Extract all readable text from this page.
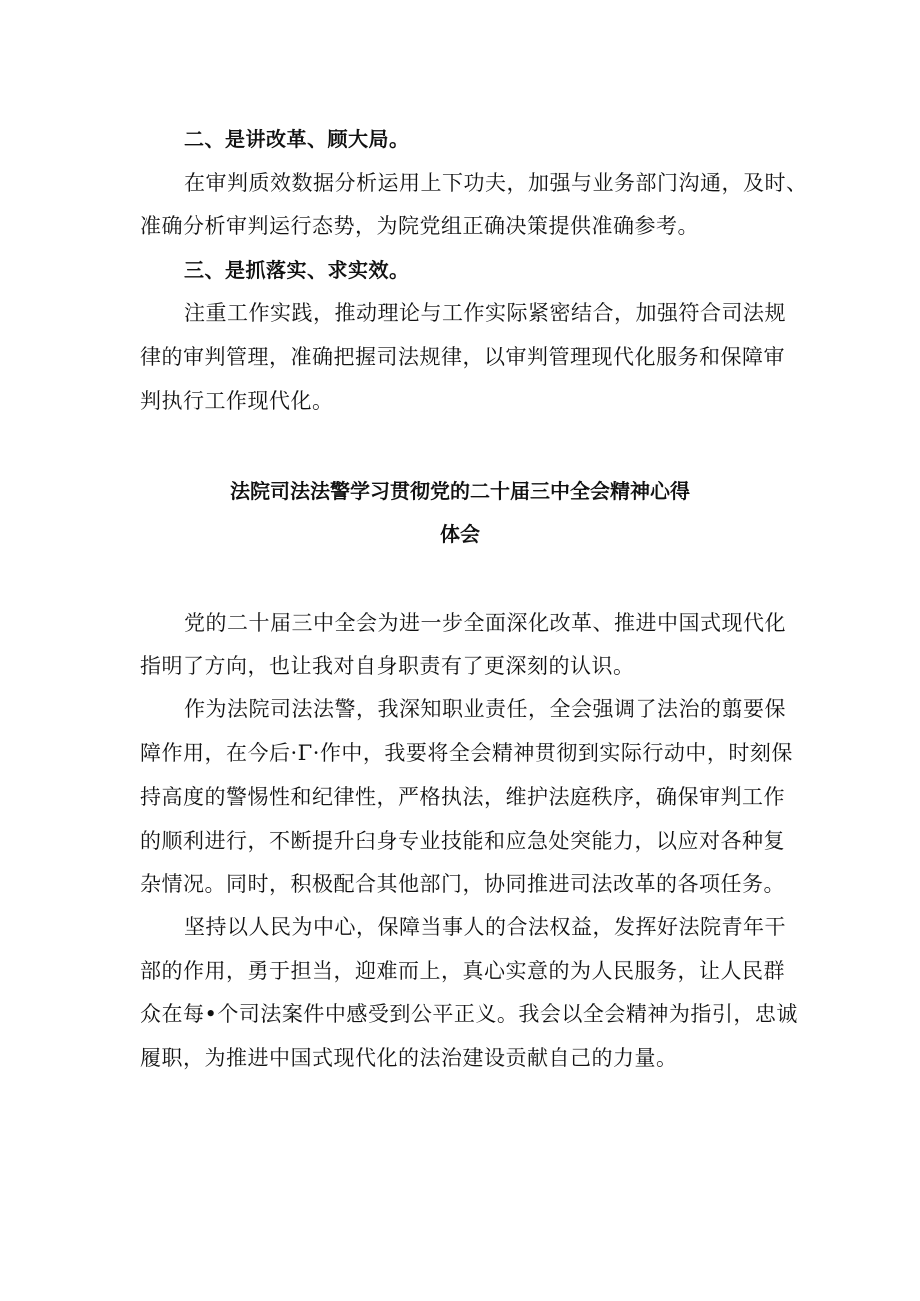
二、是讲改革、顾大局。
在审判质效数据分析运用上下功夫，加强与业务部门沟通，及时、
准确分析审判运行态势，为院党组正确决策提供准确参考。
三、是抓落实、求实效。
注重工作实践，推动理论与工作实际紧密结合，加强符合司法规
律的审判管理，准确把握司法规律，以审判管理现代化服务和保障审
判执行工作现代化。
法院司法法警学习贯彻党的二十届三中全会精神心得
体会
党的二十届三中全会为进一步全面深化改革、推进中国式现代化
指明了方向，也让我对自身职责有了更深刻的认识。
作为法院司法法警，我深知职业责任，全会强调了法治的翦要保
障作用，在今后·Γ·作中，我要将全会精神贯彻到实际行动中，时刻保
持高度的警惕性和纪律性，严格执法，维护法庭秩序，确保审判工作
的顺利进行，不断提升臼身专业技能和应急处突能力，以应对各种复
杂情况。同时，积极配合其他部门，协同推进司法改革的各项任务。
坚持以人民为中心，保障当事人的合法权益，发挥好法院青年干
部的作用，勇于担当，迎难而上，真心实意的为人民服务，让人民群
众在每•个司法案件中感受到公平正义。我会以全会精神为指引，忠诚
履职，为推进中国式现代化的法治建设贡献自己的力量。
